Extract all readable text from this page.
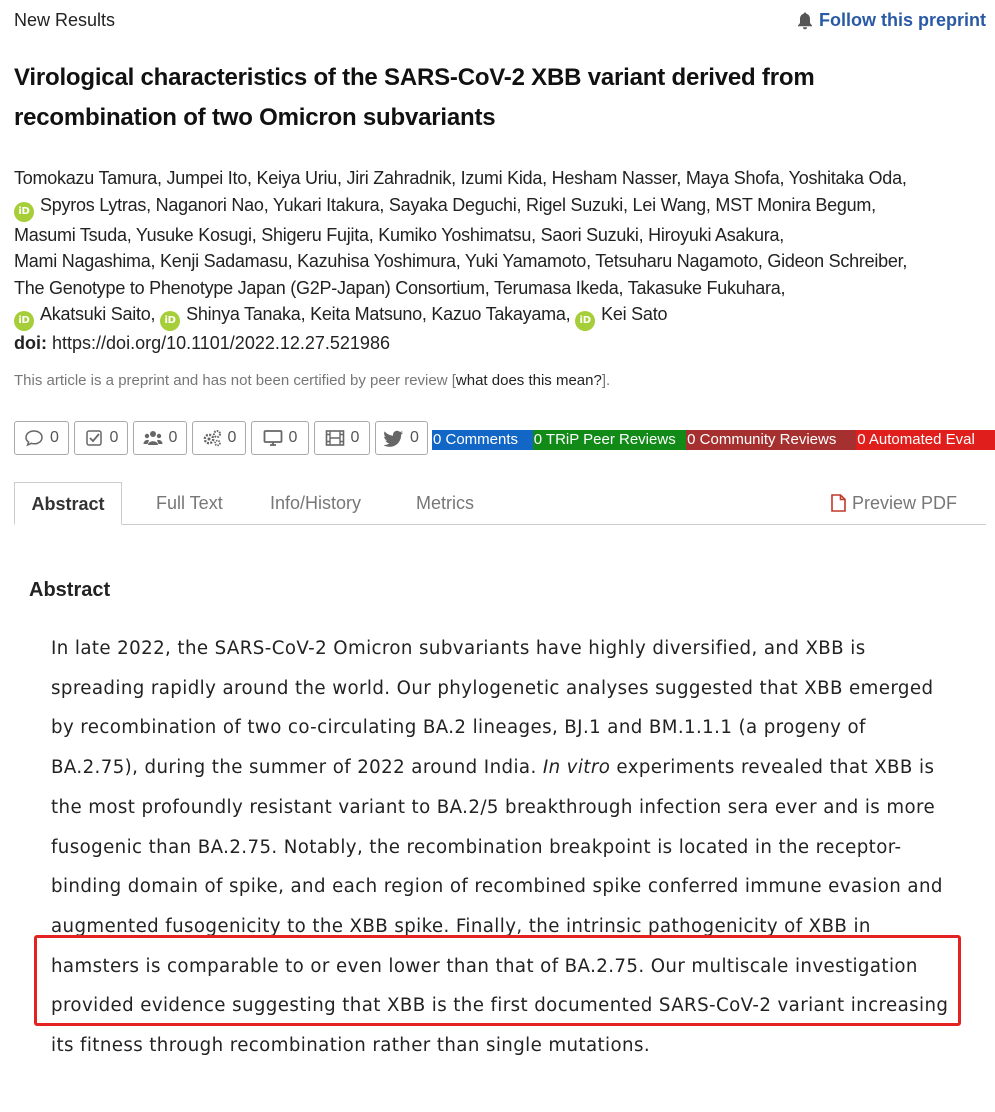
New Results	Follow this preprint
Virological characteristics of the SARS-CoV-2 XBB variant derived from recombination of two Omicron subvariants
Tomokazu Tamura, Jumpei Ito, Keiya Uriu, Jiri Zahradnik, Izumi Kida, Hesham Nasser, Maya Shofa, Yoshitaka Oda,
iD Spyros Lytras, Naganori Nao, Yukari Itakura, Sayaka Deguchi, Rigel Suzuki, Lei Wang, MST Monira Begum,
Masumi Tsuda, Yusuke Kosugi, Shigeru Fujita, Kumiko Yoshimatsu, Saori Suzuki, Hiroyuki Asakura,
Mami Nagashima, Kenji Sadamasu, Kazuhisa Yoshimura, Yuki Yamamoto, Tetsuharu Nagamoto, Gideon Schreiber,
The Genotype to Phenotype Japan (G2P-Japan) Consortium, Terumasa Ikeda, Takasuke Fukuhara,
iD Akatsuki Saito, iD Shinya Tanaka, Keita Matsuno, Kazuo Takayama, iD Kei Sato
doi: https://doi.org/10.1101/2022.12.27.521986
This article is a preprint and has not been certified by peer review [what does this mean?].
0	0	0	0	0	0	0 0 Comments	0 TRiP Peer Reviews 0 Community Reviews	0 Automated Eval
Abstract	Full Text	Info/History	Metrics	Preview PDF
Abstract
In late 2022, the SARS-CoV-2 Omicron subvariants have highly diversified, and XBB is spreading rapidly around the world. Our phylogenetic analyses suggested that XBB emerged by recombination of two co-circulating BA.2 lineages, BJ.1 and BM.1.1.1 (a progeny of BA.2.75), during the summer of 2022 around India. In vitro experiments revealed that XBB is the most profoundly resistant variant to BA.2/5 breakthrough infection sera ever and is more fusogenic than BA.2.75. Notably, the recombination breakpoint is located in the receptor-binding domain of spike, and each region of recombined spike conferred immune evasion and augmented fusogenicity to the XBB spike. Finally, the intrinsic pathogenicity of XBB in hamsters is comparable to or even lower than that of BA.2.75. Our multiscale investigation provided evidence suggesting that XBB is the first documented SARS-CoV-2 variant increasing its fitness through recombination rather than single mutations.
